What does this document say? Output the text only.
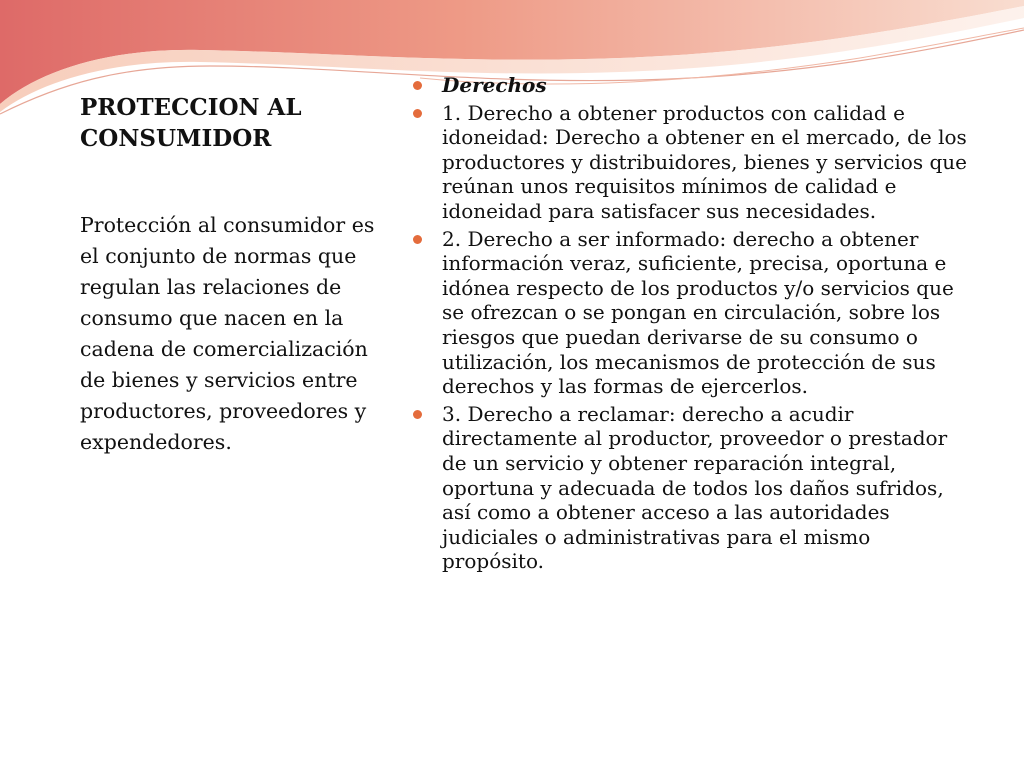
PROTECCION AL
CONSUMIDOR

Protección al consumidor es el conjunto de normas que regulan las relaciones de consumo que nacen en la cadena de comercialización de bienes y servicios entre productores, proveedores y expendedores.

Derechos
1. Derecho a obtener productos con calidad e idoneidad: Derecho a obtener en el mercado, de los productores y distribuidores, bienes y servicios que reúnan unos requisitos mínimos de calidad e idoneidad para satisfacer sus necesidades.
2. Derecho a ser informado: derecho a obtener información veraz, suficiente, precisa, oportuna e idónea respecto de los productos y/o servicios que se ofrezcan o se pongan en circulación, sobre los riesgos que puedan derivarse de su consumo o utilización, los mecanismos de protección de sus derechos y las formas de ejercerlos.
3. Derecho a reclamar: derecho a acudir directamente al productor, proveedor o prestador de un servicio y obtener reparación integral, oportuna y adecuada de todos los daños sufridos, así como a obtener acceso a las autoridades judiciales o administrativas para el mismo propósito.
